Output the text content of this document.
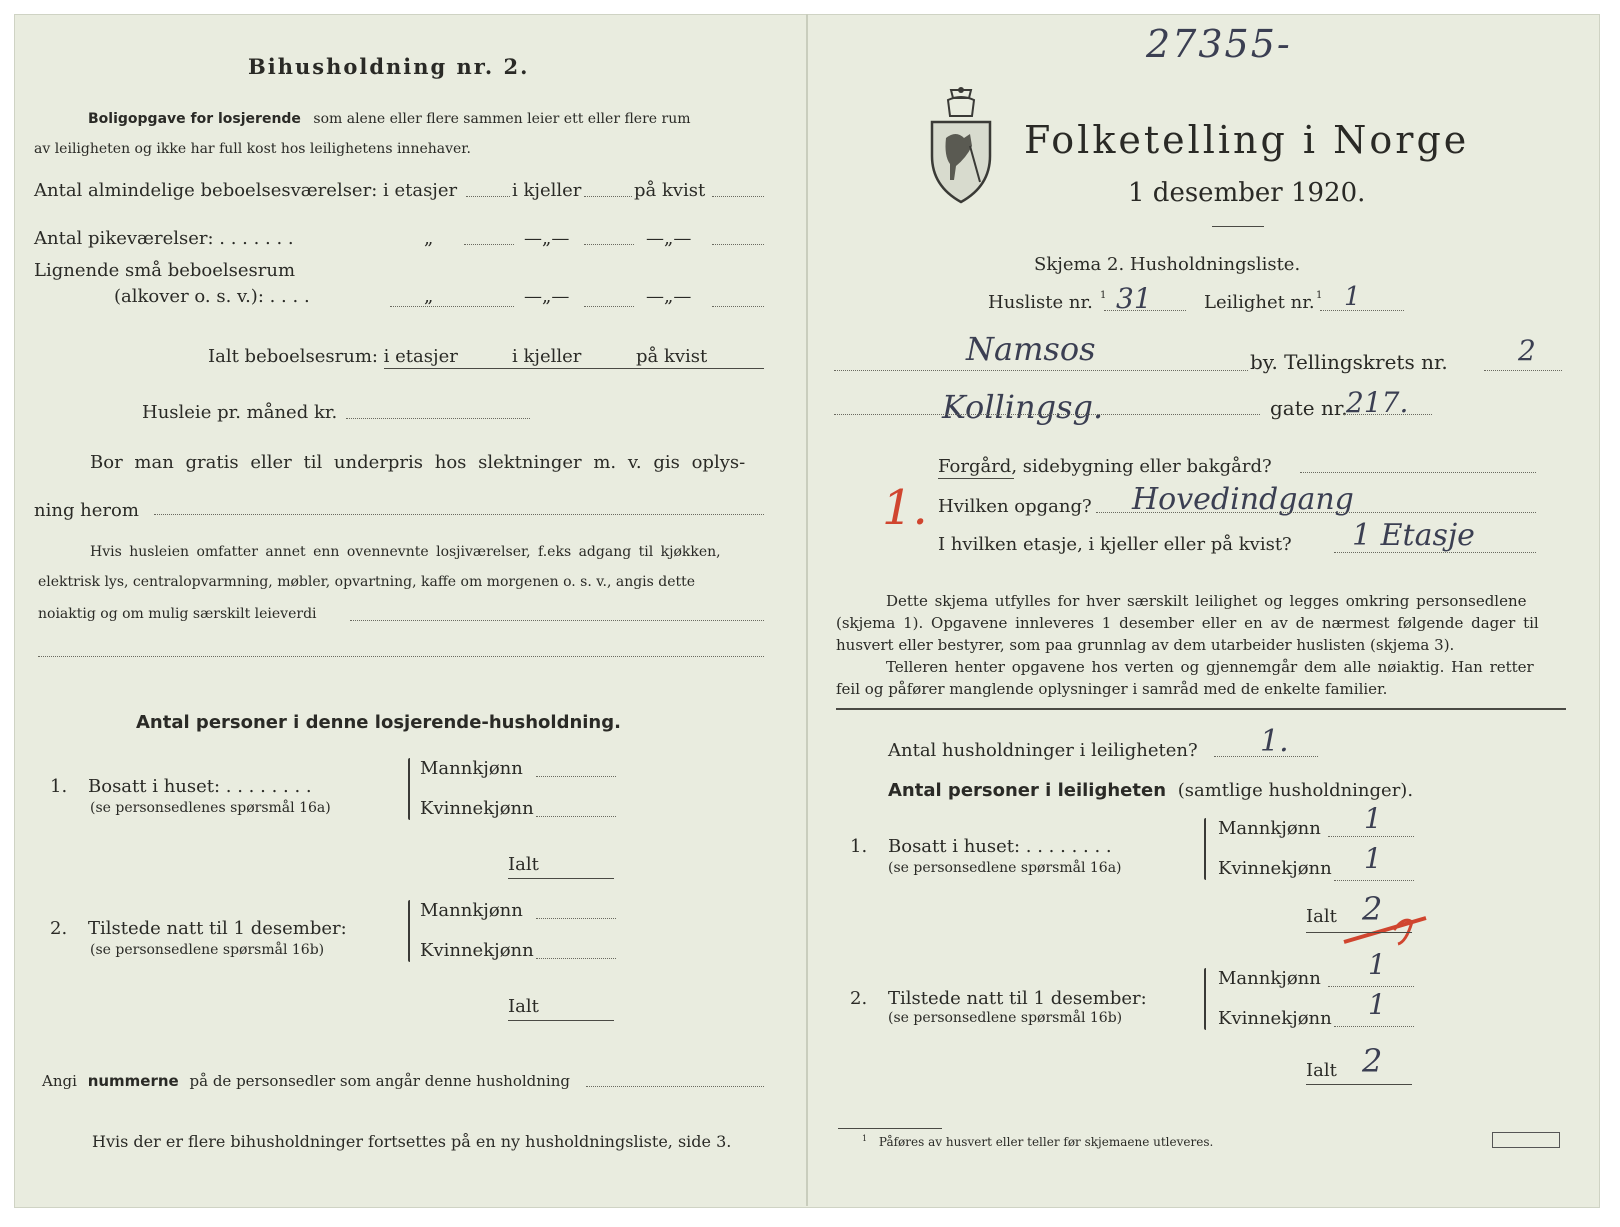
Bihusholdning nr. 2.
Boligopgave for losjerende som alene eller flere sammen leier ett eller flere rum
av leiligheten og ikke har full kost hos leilighetens innehaver.
Antal almindelige beboelsesværelser: i etasjer	i kjeller	på kvist
Antal pikeværelser: . . . . . . .	„	—„—	—„—
Lignende små beboelsesrum
(alkover o. s. v.): . . . .	„	—„—	—„—
Ialt beboelsesrum: i etasjer	i kjeller	på kvist
Husleie pr. måned kr.
Bor man gratis eller til underpris hos slektninger m. v. gis oplys-
ning herom
Hvis husleien omfatter annet enn ovennevnte losjiværelser, f.eks adgang til kjøkken,
elektrisk lys, centralopvarmning, møbler, opvartning, kaffe om morgenen o. s. v., angis dette
noiaktig og om mulig særskilt leieverdi
Antal personer i denne losjerende-husholdning.
1. Bosatt i huset: . . . . . . . .
(se personsedlenes spørsmål 16a)
Mannkjønn
Kvinnekjønn
Ialt
2. Tilstede natt til 1 desember:
(se personsedlene spørsmål 16b)
Mannkjønn
Kvinnekjønn
Ialt
Angi nummerne på de personsedler som angår denne husholdning
Hvis der er flere bihusholdninger fortsettes på en ny husholdningsliste, side 3.
27355-
Folketelling i Norge
1 desember 1920.
Skjema 2. Husholdningsliste.
Husliste nr. 1 31	Leilighet nr. 1 1
Namsos	by. Tellingskrets nr.	2
Kollingsg.	gate nr.
217.
Forgård, sidebygning eller bakgård?
1. Hvilken opgang? Hovedindgang
I hvilken etasje, i kjeller eller på kvist? 1 Etasje
Dette skjema utfylles for hver særskilt leilighet og legges omkring personsedlene
(skjema 1). Opgavene innleveres 1 desember eller en av de nærmest følgende dager til
husvert eller bestyrer, som paa grunnlag av dem utarbeider huslisten (skjema 3).
Telleren henter opgavene hos verten og gjennemgår dem alle nøiaktig. Han retter
feil og påfører manglende oplysninger i samråd med de enkelte familier.
Antal husholdninger i leiligheten? 1.
Antal personer i leiligheten (samtlige husholdninger).
1. Bosatt i huset: . . . . . . . .
(se personsedlene spørsmål 16a)
Mannkjønn 1
Kvinnekjønn 1
Ialt 2
2. Tilstede natt til 1 desember:
(se personsedlene spørsmål 16b)
Mannkjønn 1
Kvinnekjønn 1
Ialt 2
$^1$ Påføres av husvert eller teller før skjemaene utleveres.
